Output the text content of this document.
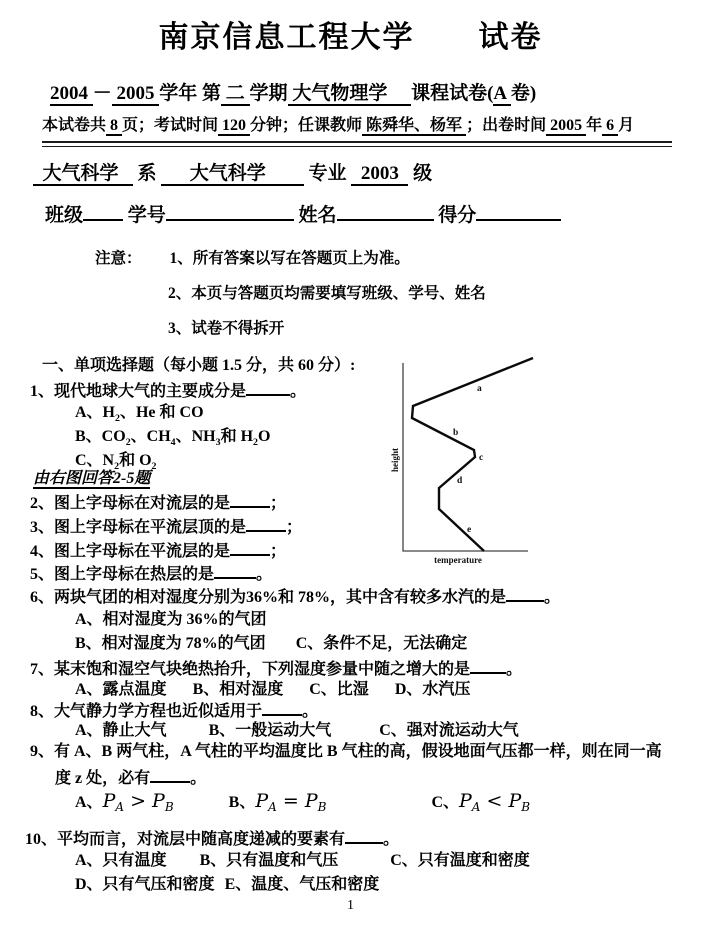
南京信息工程大学　　试卷
2004 － 2005 学年 第 二 学期 大气物理学     课程试卷(A 卷)
本试卷共 8 页；考试时间 120 分钟；任课教师 陈舜华、杨军 ；出卷时间 2005 年 6 月
大气科学    系       大气科学         专业   2003   级
班级 学号	姓名	得分
注意： 1、所有答案以写在答题页上为准。
2、本页与答题页均需要填写班级、学号、姓名
3、试卷不得拆开
一、单项选择题（每小题 1.5 分，共 60 分）:
1、现代地球大气的主要成分是	。
A、$H_2$、He 和 CO
B、$CO_2$、$CH_4$、$NH_3$和 $H_2O$
C、$N_2$和 $O_2$
由右图回答2-5题
2、图上字母标在对流层的是	；
3、图上字母标在平流层顶的是	；
4、图上字母标在平流层的是	；
5、图上字母标在热层的是	。
6、两块气团的相对湿度分别为36%和 78%，其中含有较多水汽的是 。
A、相对湿度为 36%的气团
B、相对湿度为 78%的气团 C、条件不足，无法确定
7、某末饱和湿空气块绝热抬升，下列湿度参量中随之增大的是 。
A、露点温度 B、相对湿度 C、比湿 D、水汽压
8、大气静力学方程也近似适用于	。
A、静止大气	B、一般运动大气	C、强对流运动大气
9、有 A、B 两气柱，A 气柱的平均温度比 B 气柱的高，假设地面气压都一样，则在同一高
度 z 处，必有	。
A、$P_A > P_B$	B、$P_A = P_B$	C、$P_A < P_B$
10、平均而言，对流层中随高度递减的要素有 。
A、只有温度 B、只有温度和气压	C、只有温度和密度
D、只有气压和密度 E、温度、气压和密度
a
b
c
d
e
height
temperature
1
